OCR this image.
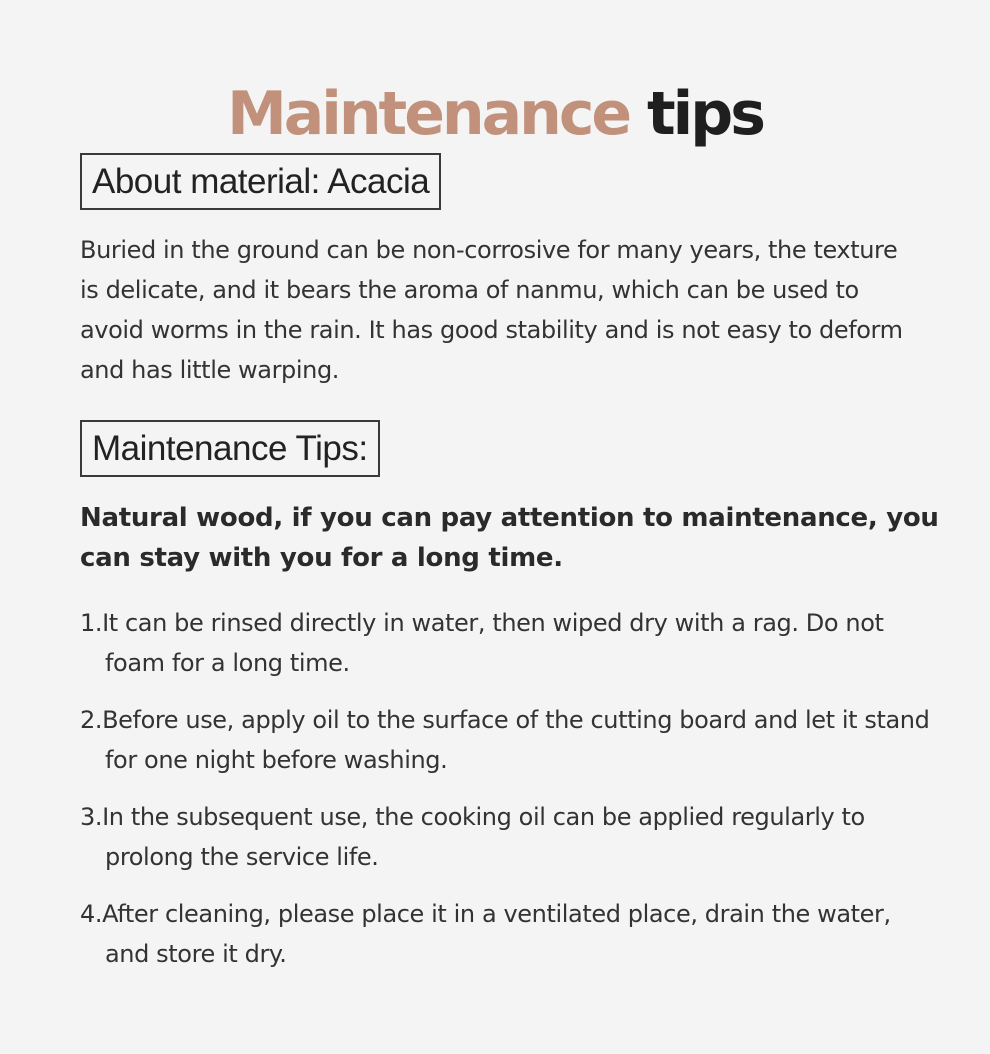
Maintenance tips
About material: Acacia

Buried in the ground can be non-corrosive for many years, the texture is delicate, and it bears the aroma of nanmu, which can be used to avoid worms in the rain. It has good stability and is not easy to deform and has little warping.

Maintenance Tips:

Natural wood, if you can pay attention to maintenance, you can stay with you for a long time.

1.It can be rinsed directly in water, then wiped dry with a rag. Do not foam for a long time.
2.Before use, apply oil to the surface of the cutting board and let it stand for one night before washing.
3.In the subsequent use, the cooking oil can be applied regularly to prolong the service life.
4.After cleaning, please place it in a ventilated place, drain the water, and store it dry.
